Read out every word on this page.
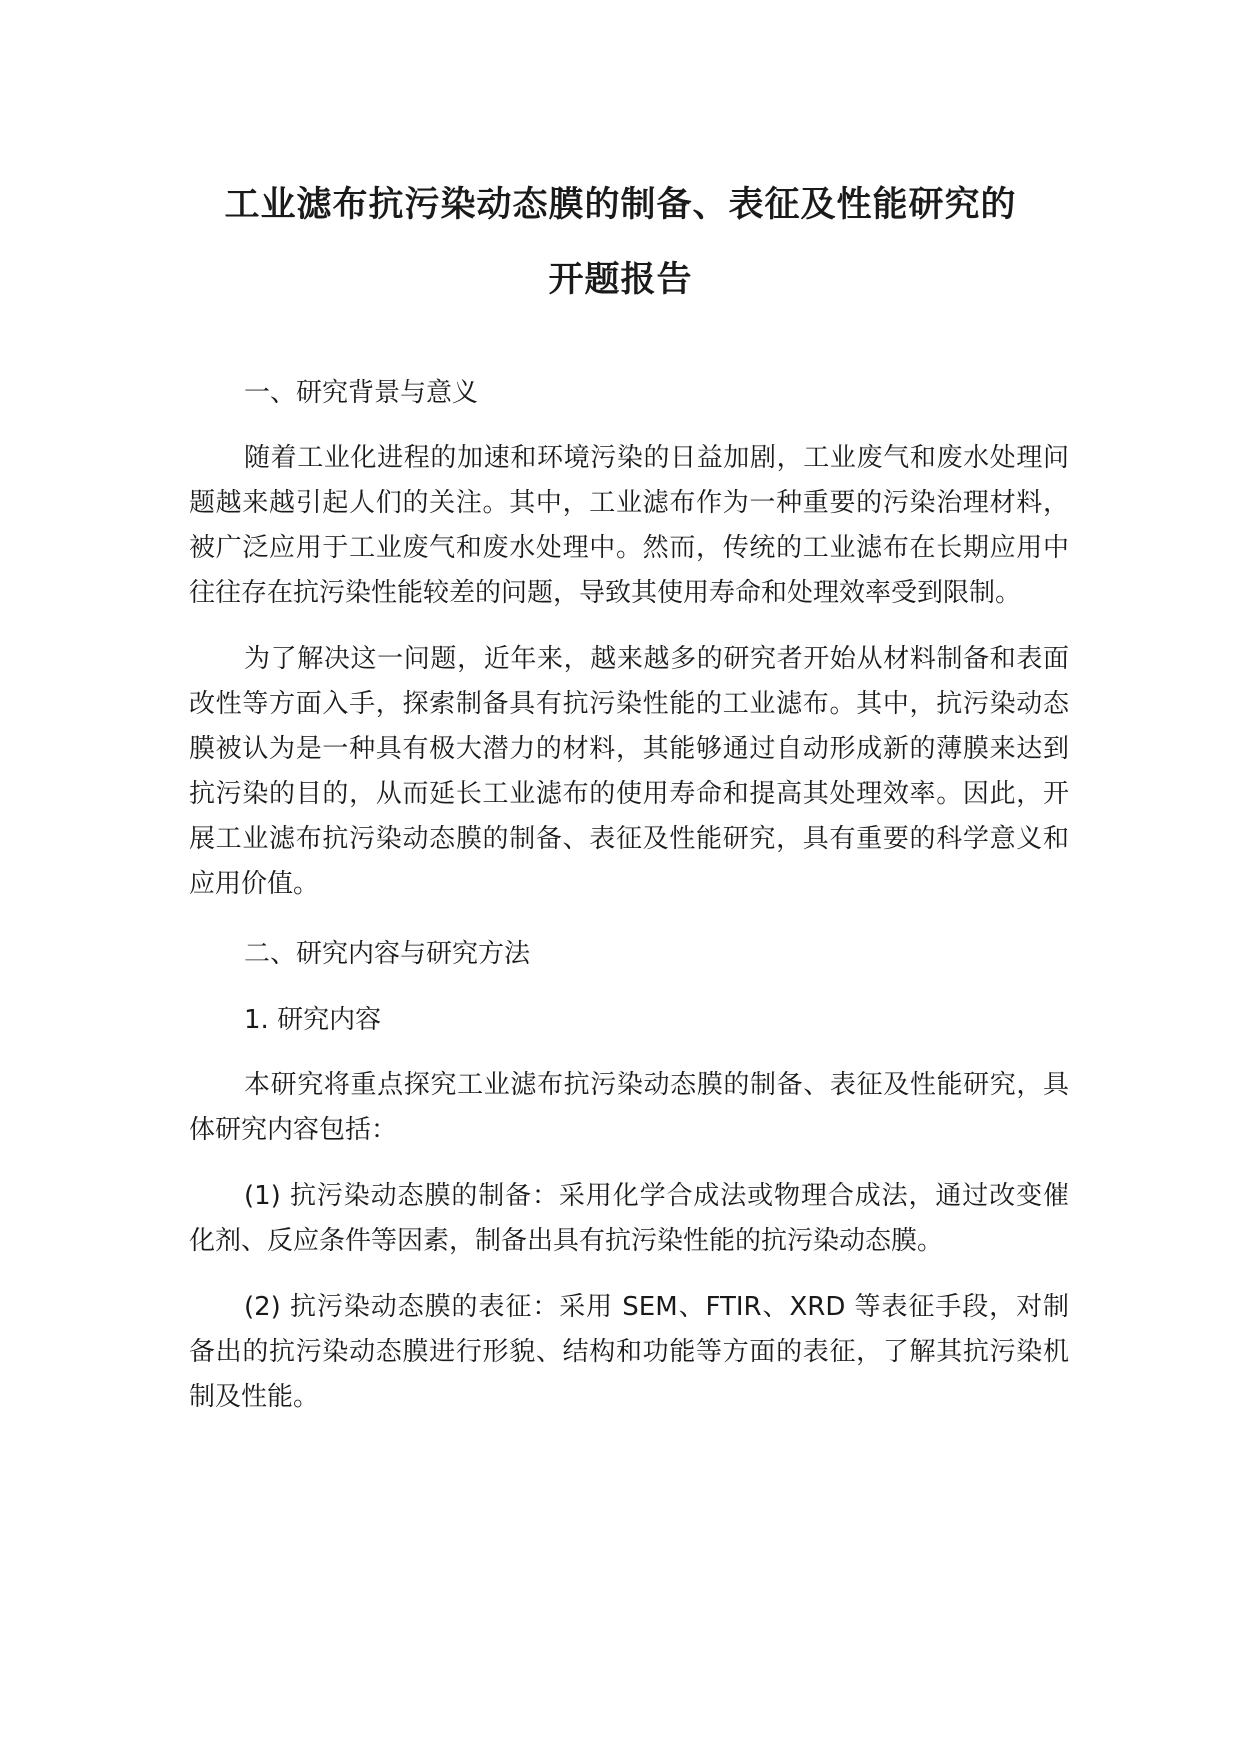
工业滤布抗污染动态膜的制备、表征及性能研究的

开题报告

一、研究背景与意义

随着工业化进程的加速和环境污染的日益加剧，工业废气和废水处理问题越来越引起人们的关注。其中，工业滤布作为一种重要的污染治理材料，被广泛应用于工业废气和废水处理中。然而，传统的工业滤布在长期应用中往往存在抗污染性能较差的问题，导致其使用寿命和处理效率受到限制。

为了解决这一问题，近年来，越来越多的研究者开始从材料制备和表面改性等方面入手，探索制备具有抗污染性能的工业滤布。其中，抗污染动态膜被认为是一种具有极大潜力的材料，其能够通过自动形成新的薄膜来达到抗污染的目的，从而延长工业滤布的使用寿命和提高其处理效率。因此，开展工业滤布抗污染动态膜的制备、表征及性能研究，具有重要的科学意义和应用价值。

二、研究内容与研究方法

1. 研究内容

本研究将重点探究工业滤布抗污染动态膜的制备、表征及性能研究，具体研究内容包括：

(1) 抗污染动态膜的制备：采用化学合成法或物理合成法，通过改变催化剂、反应条件等因素，制备出具有抗污染性能的抗污染动态膜。

(2) 抗污染动态膜的表征：采用 SEM、FTIR、XRD 等表征手段，对制备出的抗污染动态膜进行形貌、结构和功能等方面的表征，了解其抗污染机制及性能。
